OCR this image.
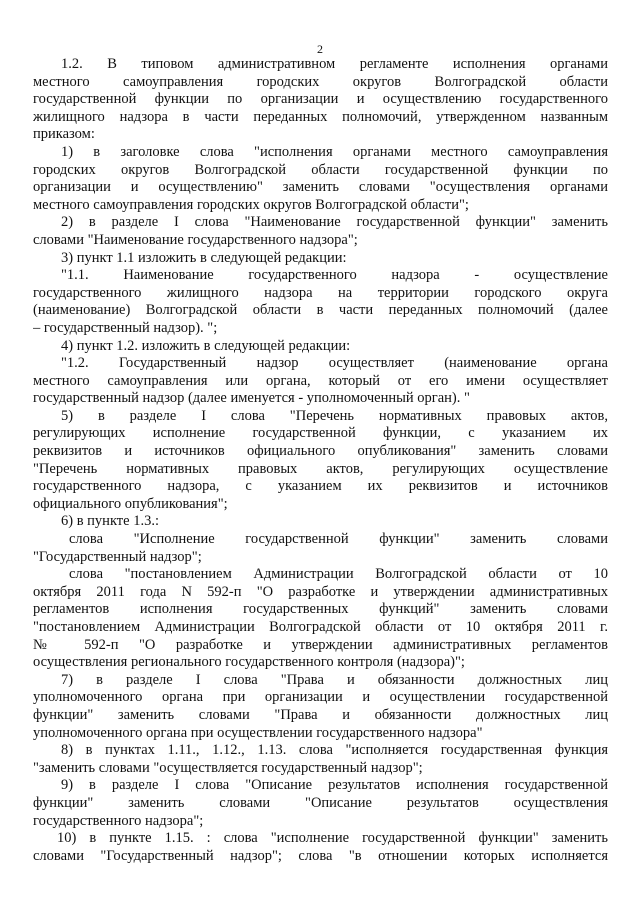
2
1.2. В типовом административном регламенте исполнения органами
местного самоуправления городских округов Волгоградской области
государственной функции по организации и осуществлению государственного
жилищного надзора в части переданных полномочий, утвержденном названным
приказом:
1) в заголовке слова "исполнения органами местного самоуправления
городских округов Волгоградской области государственной функции по
организации и осуществлению" заменить словами "осуществления органами
местного самоуправления городских округов Волгоградской области";
2) в разделе I слова "Наименование государственной функции" заменить
словами "Наименование государственного надзора";
3) пункт 1.1 изложить в следующей редакции:
"1.1. Наименование государственного надзора - осуществление
государственного жилищного надзора на территории городского округа
(наименование) Волгоградской области в части переданных полномочий (далее
– государственный надзор). ";
4) пункт 1.2. изложить в следующей редакции:
"1.2. Государственный надзор осуществляет (наименование органа
местного самоуправления или органа, который от его имени осуществляет
государственный надзор (далее именуется - уполномоченный орган). "
5) в разделе I слова "Перечень нормативных правовых актов,
регулирующих исполнение государственной функции, с указанием их
реквизитов и источников официального опубликования" заменить словами
"Перечень нормативных правовых актов, регулирующих осуществление
государственного надзора, с указанием их реквизитов и источников
официального опубликования";
6) в пункте 1.3.:
слова "Исполнение государственной функции" заменить словами
"Государственный надзор";
слова "постановлением Администрации Волгоградской области от 10
октября 2011 года N 592-п "О разработке и утверждении административных
регламентов исполнения государственных функций" заменить словами
"постановлением Администрации Волгоградской области от 10 октября 2011 г.
№ 592-п "О разработке и утверждении административных регламентов
осуществления регионального государственного контроля (надзора)";
7) в разделе I слова "Права и обязанности должностных лиц
уполномоченного органа при организации и осуществлении государственной
функции" заменить словами "Права и обязанности должностных лиц
уполномоченного органа при осуществлении государственного надзора"
8) в пунктах 1.11., 1.12., 1.13. слова "исполняется государственная функция
"заменить словами "осуществляется государственный надзор";
9) в разделе I слова "Описание результатов исполнения государственной
функции" заменить словами "Описание результатов осуществления
государственного надзора";
10) в пункте 1.15. : слова "исполнение государственной функции" заменить
словами "Государственный надзор"; слова "в отношении которых исполняется
